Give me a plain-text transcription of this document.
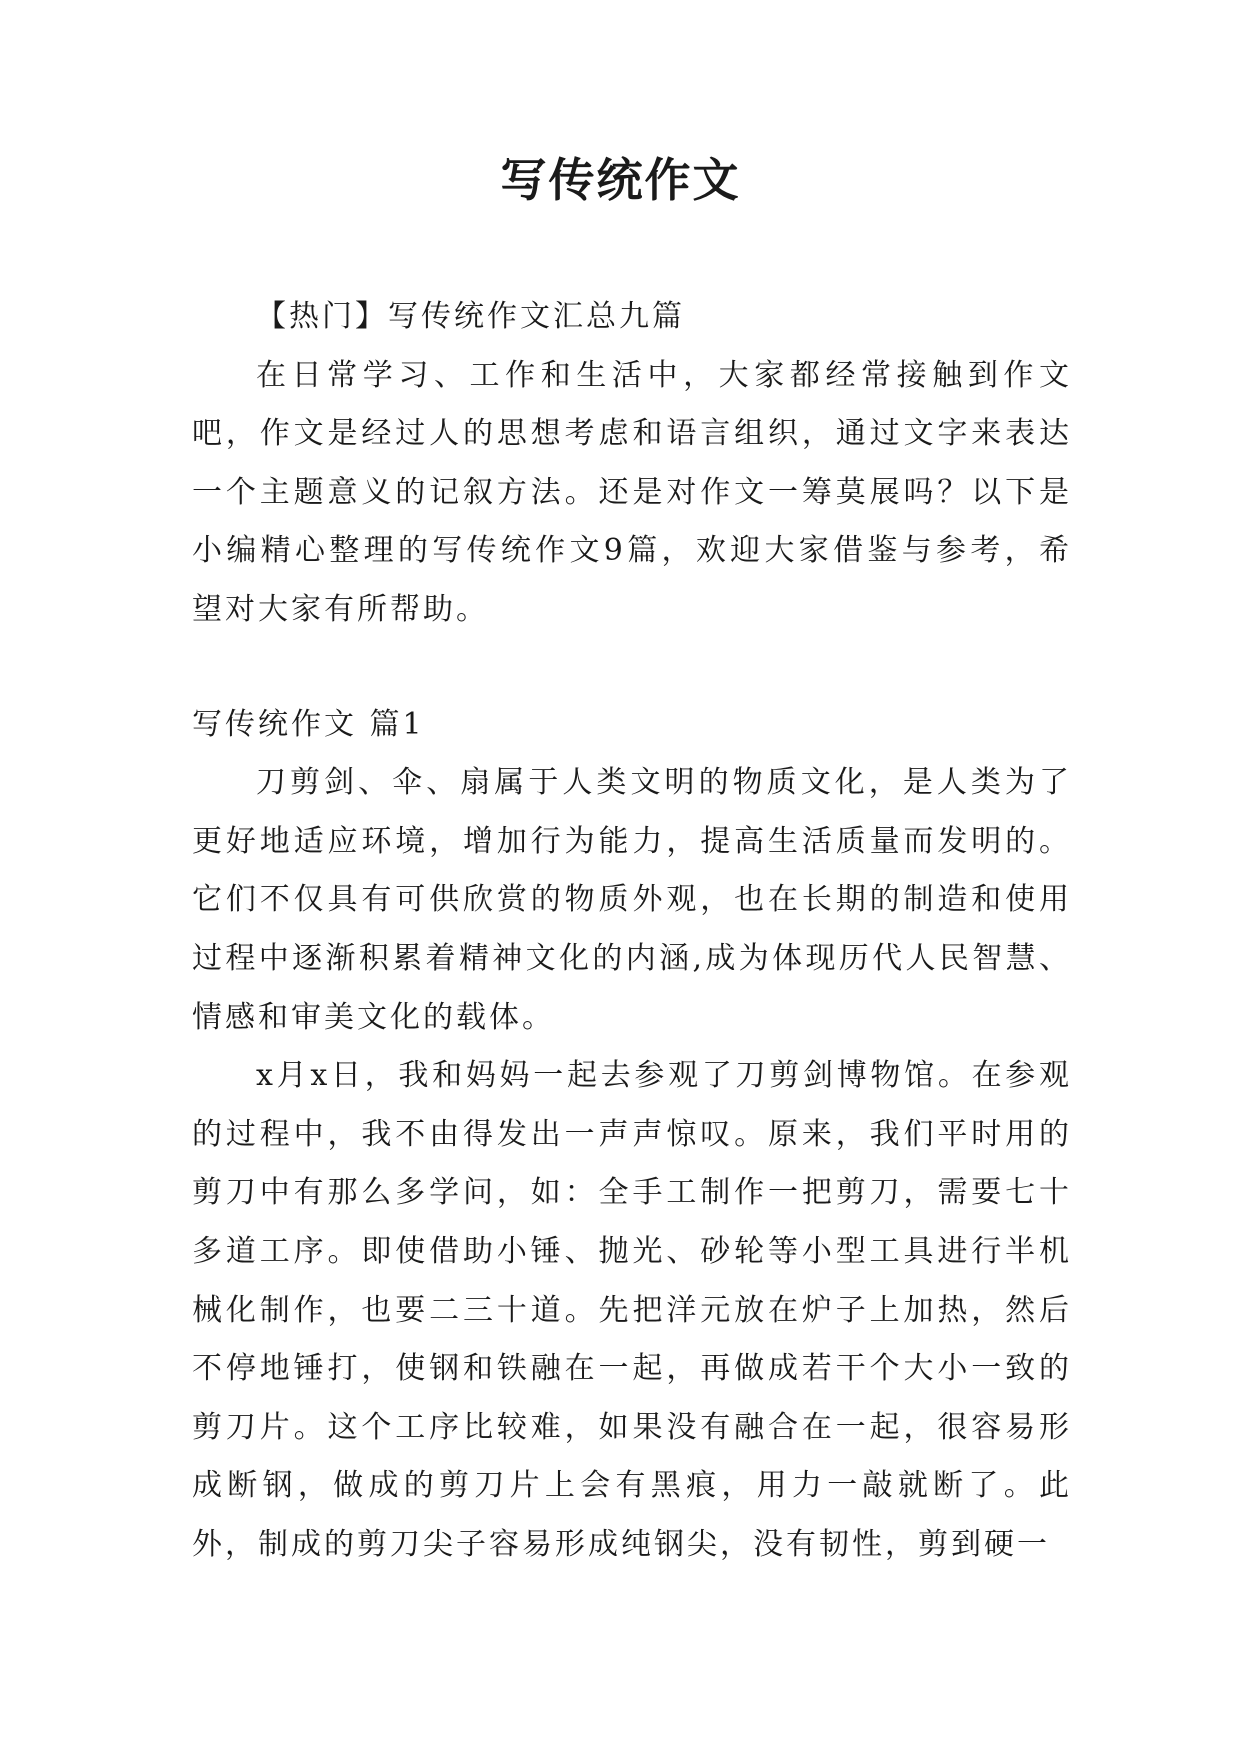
写传统作文

【热门】写传统作文汇总九篇

在日常学习、工作和生活中，大家都经常接触到作文吧，作文是经过人的思想考虑和语言组织，通过文字来表达一个主题意义的记叙方法。还是对作文一筹莫展吗？以下是小编精心整理的写传统作文9篇，欢迎大家借鉴与参考，希望对大家有所帮助。

写传统作文 篇1

刀剪剑、伞、扇属于人类文明的物质文化，是人类为了更好地适应环境，增加行为能力，提高生活质量而发明的。它们不仅具有可供欣赏的物质外观，也在长期的制造和使用过程中逐渐积累着精神文化的内涵,成为体现历代人民智慧、情感和审美文化的载体。

x月x日，我和妈妈一起去参观了刀剪剑博物馆。在参观的过程中，我不由得发出一声声惊叹。原来，我们平时用的剪刀中有那么多学问，如：全手工制作一把剪刀，需要七十多道工序。即使借助小锤、抛光、砂轮等小型工具进行半机械化制作，也要二三十道。先把洋元放在炉子上加热，然后不停地锤打，使钢和铁融在一起，再做成若干个大小一致的剪刀片。这个工序比较难，如果没有融合在一起，很容易形成断钢，做成的剪刀片上会有黑痕，用力一敲就断了。此外，制成的剪刀尖子容易形成纯钢尖，没有韧性，剪到硬一
